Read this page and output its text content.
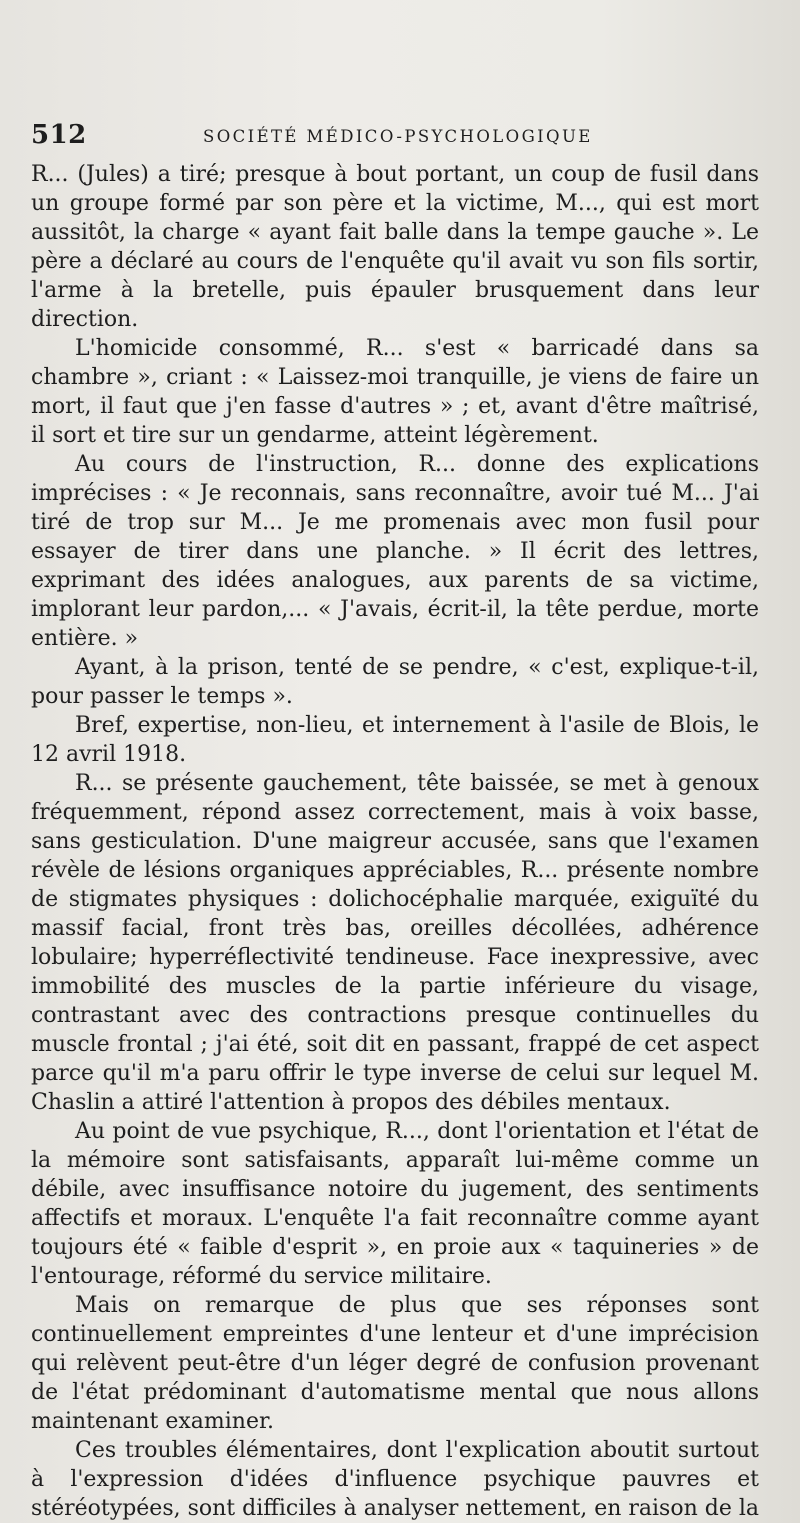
512	SOCIÉTÉ MÉDICO-PSYCHOLOGIQUE

R... (Jules) a tiré; presque à bout portant, un coup de fusil dans un groupe formé par son père et la victime, M..., qui est mort aussitôt, la charge « ayant fait balle dans la tempe gauche ». Le père a déclaré au cours de l'enquête qu'il avait vu son fils sortir, l'arme à la bretelle, puis épauler brusquement dans leur direction.

L'homicide consommé, R... s'est « barricadé dans sa chambre », criant : « Laissez-moi tranquille, je viens de faire un mort, il faut que j'en fasse d'autres » ; et, avant d'être maîtrisé, il sort et tire sur un gendarme, atteint légèrement.

Au cours de l'instruction, R... donne des explications imprécises : « Je reconnais, sans reconnaître, avoir tué M... J'ai tiré de trop sur M... Je me promenais avec mon fusil pour essayer de tirer dans une planche. » Il écrit des lettres, exprimant des idées analogues, aux parents de sa victime, implorant leur pardon,... « J'avais, écrit-il, la tête perdue, morte entière. »

Ayant, à la prison, tenté de se pendre, « c'est, explique-t-il, pour passer le temps ».

Bref, expertise, non-lieu, et internement à l'asile de Blois, le 12 avril 1918.

R... se présente gauchement, tête baissée, se met à genoux fréquemment, répond assez correctement, mais à voix basse, sans gesticulation. D'une maigreur accusée, sans que l'examen révèle de lésions organiques appréciables, R... présente nombre de stigmates physiques : dolichocéphalie marquée, exiguïté du massif facial, front très bas, oreilles décollées, adhérence lobulaire; hyperréflectivité tendineuse. Face inexpressive, avec immobilité des muscles de la partie inférieure du visage, contrastant avec des contractions presque continuelles du muscle frontal ; j'ai été, soit dit en passant, frappé de cet aspect parce qu'il m'a paru offrir le type inverse de celui sur lequel M. Chaslin a attiré l'attention à propos des débiles mentaux.

Au point de vue psychique, R..., dont l'orientation et l'état de la mémoire sont satisfaisants, apparaît lui-même comme un débile, avec insuffisance notoire du jugement, des sentiments affectifs et moraux. L'enquête l'a fait reconnaître comme ayant toujours été « faible d'esprit », en proie aux « taquineries » de l'entourage, réformé du service militaire.

Mais on remarque de plus que ses réponses sont continuellement empreintes d'une lenteur et d'une imprécision qui relèvent peut-être d'un léger degré de confusion provenant de l'état prédominant d'automatisme mental que nous allons maintenant examiner.

Ces troubles élémentaires, dont l'explication aboutit surtout à l'expression d'idées d'influence psychique pauvres et stéréotypées, sont difficiles à analyser nettement, en raison de la
